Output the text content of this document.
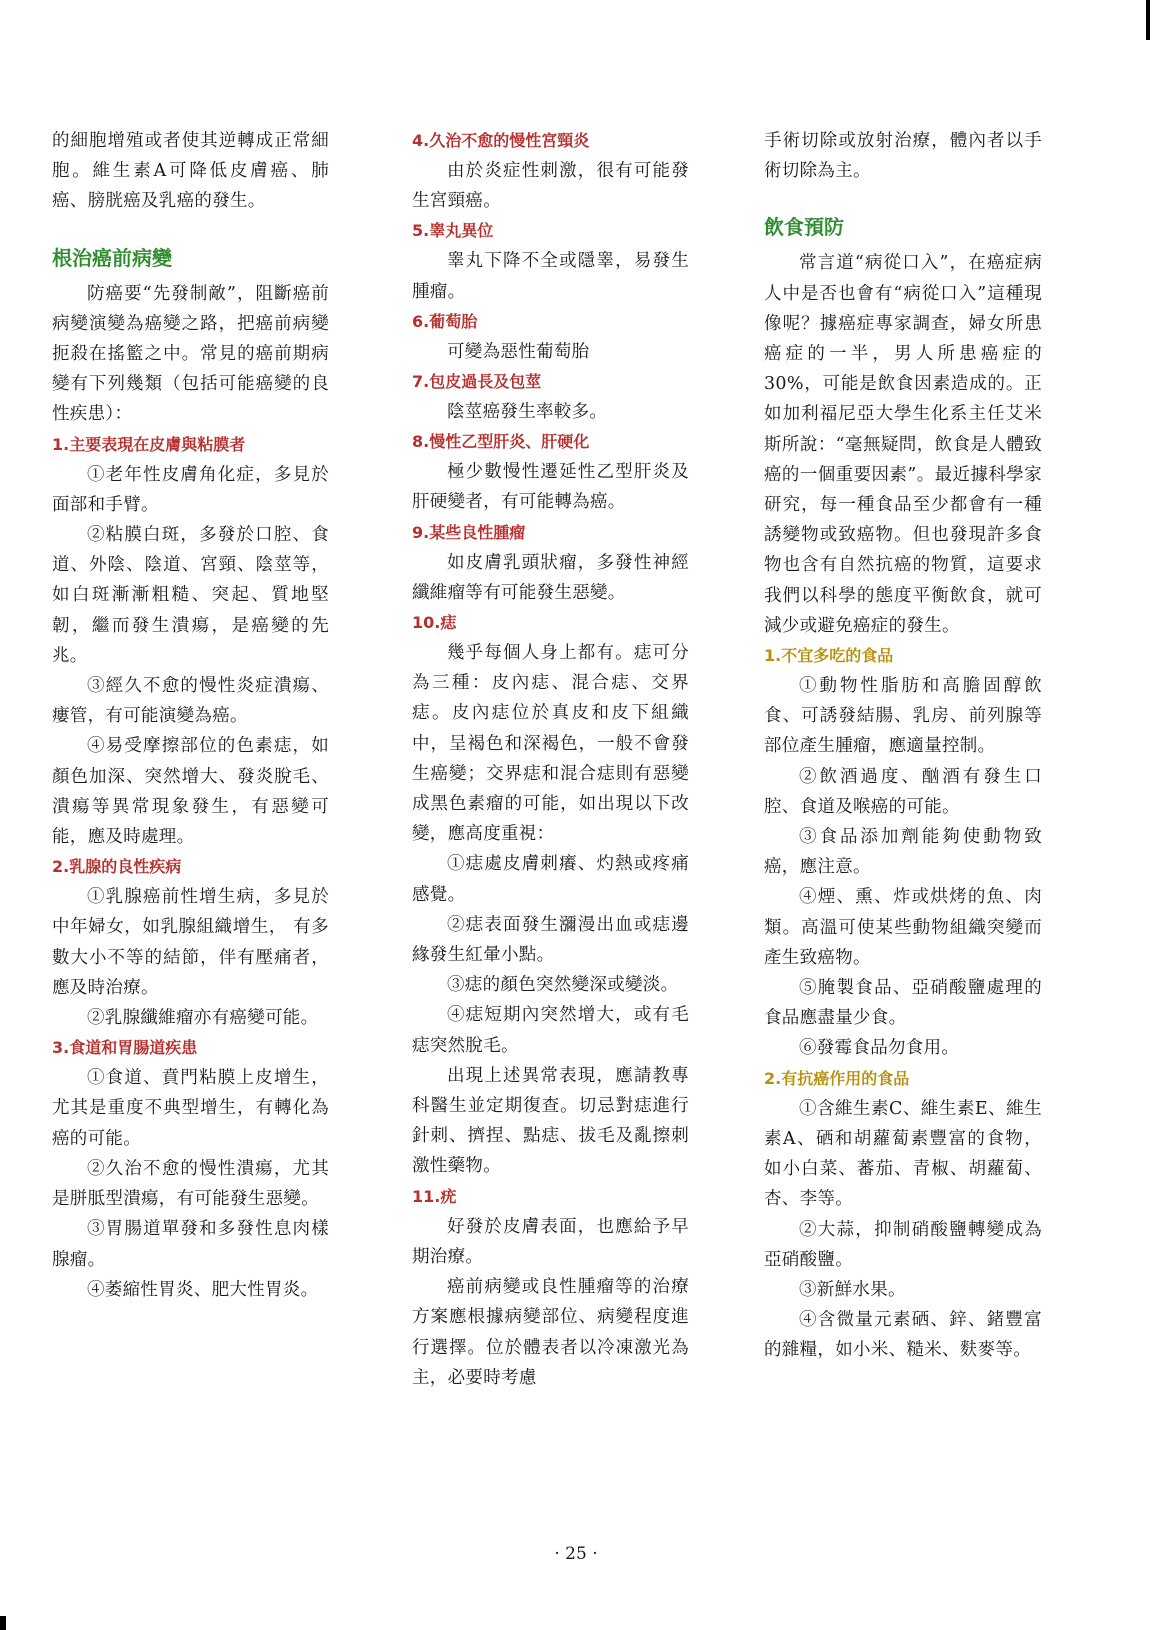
的細胞增殖或者使其逆轉成正常細胞。維生素A可降低皮膚癌、肺癌、膀胱癌及乳癌的發生。

根治癌前病變

防癌要“先發制敵”，阻斷癌前病變演變為癌變之路，把癌前病變扼殺在搖籃之中。常見的癌前期病變有下列幾類（包括可能癌變的良性疾患）：

1.主要表現在皮膚與粘膜者

①老年性皮膚角化症，多見於面部和手臂。

②粘膜白斑，多發於口腔、食道、外陰、陰道、宮頸、陰莖等，如白斑漸漸粗糙、突起、質地堅韌，繼而發生潰瘍，是癌變的先兆。

③經久不愈的慢性炎症潰瘍、瘻管，有可能演變為癌。

④易受摩擦部位的色素痣，如顏色加深、突然增大、發炎脫毛、潰瘍等異常現象發生，有惡變可能，應及時處理。

2.乳腺的良性疾病

①乳腺癌前性增生病，多見於中年婦女，如乳腺組織增生， 有多數大小不等的結節，伴有壓痛者，應及時治療。

②乳腺纖維瘤亦有癌變可能。

3.食道和胃腸道疾患

①食道、賁門粘膜上皮增生，尤其是重度不典型增生，有轉化為癌的可能。

②久治不愈的慢性潰瘍，尤其是胼胝型潰瘍，有可能發生惡變。

③胃腸道單發和多發性息肉樣腺瘤。

④萎縮性胃炎、肥大性胃炎。

4.久治不愈的慢性宮頸炎

由於炎症性刺激，很有可能發生宮頸癌。

5.睾丸異位

睾丸下降不全或隱睾，易發生腫瘤。

6.葡萄胎

可變為惡性葡萄胎

7.包皮過長及包莖

陰莖癌發生率較多。

8.慢性乙型肝炎、肝硬化

極少數慢性遷延性乙型肝炎及肝硬變者，有可能轉為癌。

9.某些良性腫瘤

如皮膚乳頭狀瘤，多發性神經纖維瘤等有可能發生惡變。

10.痣

幾乎每個人身上都有。痣可分為三種：皮內痣、混合痣、交界痣。皮內痣位於真皮和皮下組織中，呈褐色和深褐色，一般不會發生癌變；交界痣和混合痣則有惡變成黑色素瘤的可能，如出現以下改變，應高度重視：

①痣處皮膚刺癢、灼熱或疼痛感覺。

②痣表面發生瀰漫出血或痣邊緣發生紅暈小點。

③痣的顏色突然變深或變淡。

④痣短期內突然增大，或有毛痣突然脫毛。

出現上述異常表現，應請教專科醫生並定期復查。切忌對痣進行針刺、擠捏、點痣、拔毛及亂擦刺激性藥物。

11.疣

好發於皮膚表面，也應給予早期治療。

癌前病變或良性腫瘤等的治療方案應根據病變部位、病變程度進行選擇。位於體表者以冷凍激光為主，必要時考慮

手術切除或放射治療，體內者以手術切除為主。

飲食預防

常言道“病從口入”，在癌症病人中是否也會有“病從口入”這種現像呢？據癌症專家調查，婦女所患癌症的一半，男人所患癌症的30%，可能是飲食因素造成的。正如加利福尼亞大學生化系主任艾米斯所說：“毫無疑問，飲食是人體致癌的一個重要因素”。最近據科學家研究，每一種食品至少都會有一種誘變物或致癌物。但也發現許多食物也含有自然抗癌的物質，這要求我們以科學的態度平衡飲食，就可減少或避免癌症的發生。

1.不宜多吃的食品

①動物性脂肪和高膽固醇飲食、可誘發結腸、乳房、前列腺等部位產生腫瘤，應適量控制。

②飲酒過度、酗酒有發生口腔、食道及喉癌的可能。

③食品添加劑能夠使動物致癌，應注意。

④煙、熏、炸或烘烤的魚、肉類。高溫可使某些動物組織突變而產生致癌物。

⑤腌製食品、亞硝酸鹽處理的食品應盡量少食。

⑥發霉食品勿食用。

2.有抗癌作用的食品

①含維生素C、維生素E、維生素A、硒和胡蘿蔔素豐富的食物，如小白菜、蕃茄、青椒、胡蘿蔔、杏、李等。

②大蒜，抑制硝酸鹽轉變成為亞硝酸鹽。

③新鮮水果。

④含微量元素硒、鋅、鍺豐富的雜糧，如小米、糙米、麩麥等。

· 25 ·
